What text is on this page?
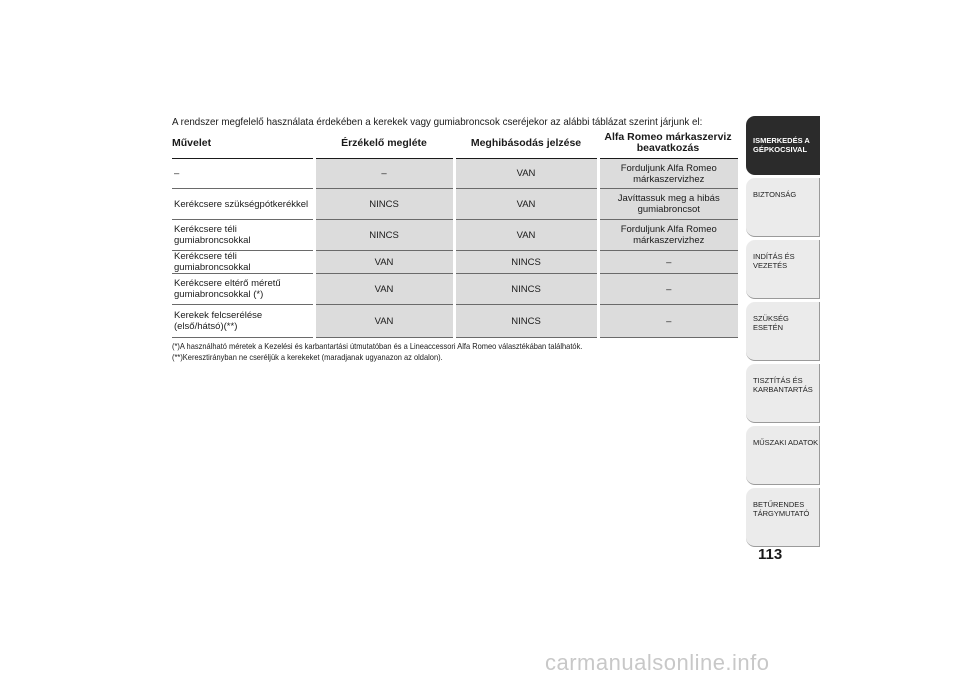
A rendszer megfelelő használata érdekében a kerekek vagy gumiabroncsok cseréjekor az alábbi táblázat szerint járjunk el:
Művelet	Érzékelő megléte	Meghibásodás jelzése	Alfa Romeo márkaszerviz beavatkozás
–	–	VAN	Forduljunk Alfa Romeo márkaszervizhez
Kerékcsere szükségpótkerékkel	NINCS	VAN	Javíttassuk meg a hibás gumiabroncsot
Kerékcsere téli gumiabroncsokkal	NINCS	VAN	Forduljunk Alfa Romeo márkaszervizhez
Kerékcsere téli gumiabroncsokkal	VAN	NINCS	–
Kerékcsere eltérő méretű gumiabroncsokkal (*)	VAN	NINCS	–
Kerekek felcserélése (első/hátsó)(**)	VAN	NINCS	–
(*)A használható méretek a Kezelési és karbantartási útmutatóban és a Lineaccessori Alfa Romeo választékában találhatók.
(**)Keresztirányban ne cseréljük a kerekeket (maradjanak ugyanazon az oldalon).
ISMERKEDÉS A GÉPKOCSIVAL
BIZTONSÁG
INDÍTÁS ÉS VEZETÉS
SZÜKSÉG ESETÉN
TISZTÍTÁS ÉS KARBANTARTÁS
MŰSZAKI ADATOK
BETŰRENDES TÁRGYMUTATÓ
113
carmanualsonline.info
